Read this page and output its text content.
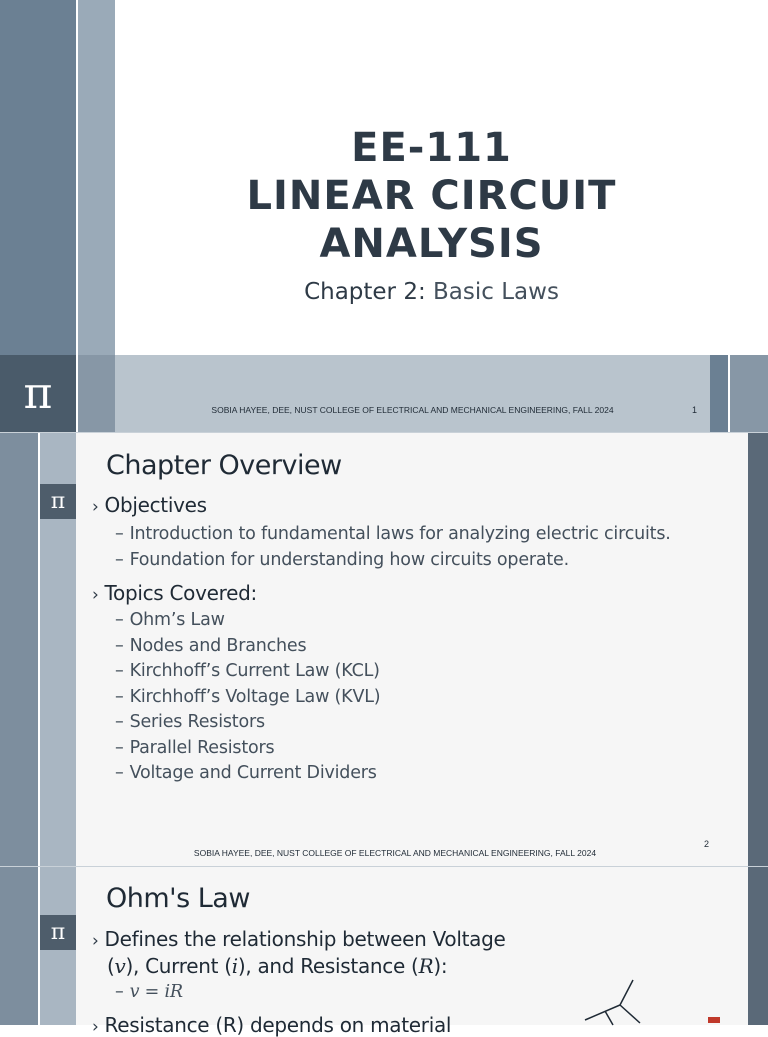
π
EE-111
LINEAR CIRCUIT
ANALYSIS
Chapter 2: Basic Laws
SOBIA HAYEE, DEE, NUST COLLEGE OF ELECTRICAL AND MECHANICAL ENGINEERING, FALL 2024	1
π
Chapter Overview
› Objectives
– Introduction to fundamental laws for analyzing electric circuits.
– Foundation for understanding how circuits operate.
› Topics Covered:
– Ohm’s Law
– Nodes and Branches
– Kirchhoff’s Current Law (KCL)
– Kirchhoff’s Voltage Law (KVL)
– Series Resistors
– Parallel Resistors
– Voltage and Current Dividers
SOBIA HAYEE, DEE, NUST COLLEGE OF ELECTRICAL AND MECHANICAL ENGINEERING, FALL 2024
2
π
Ohm's Law
› Defines the relationship between Voltage
(v), Current (i), and Resistance (R):
– v = iR
› Resistance (R) depends on material
